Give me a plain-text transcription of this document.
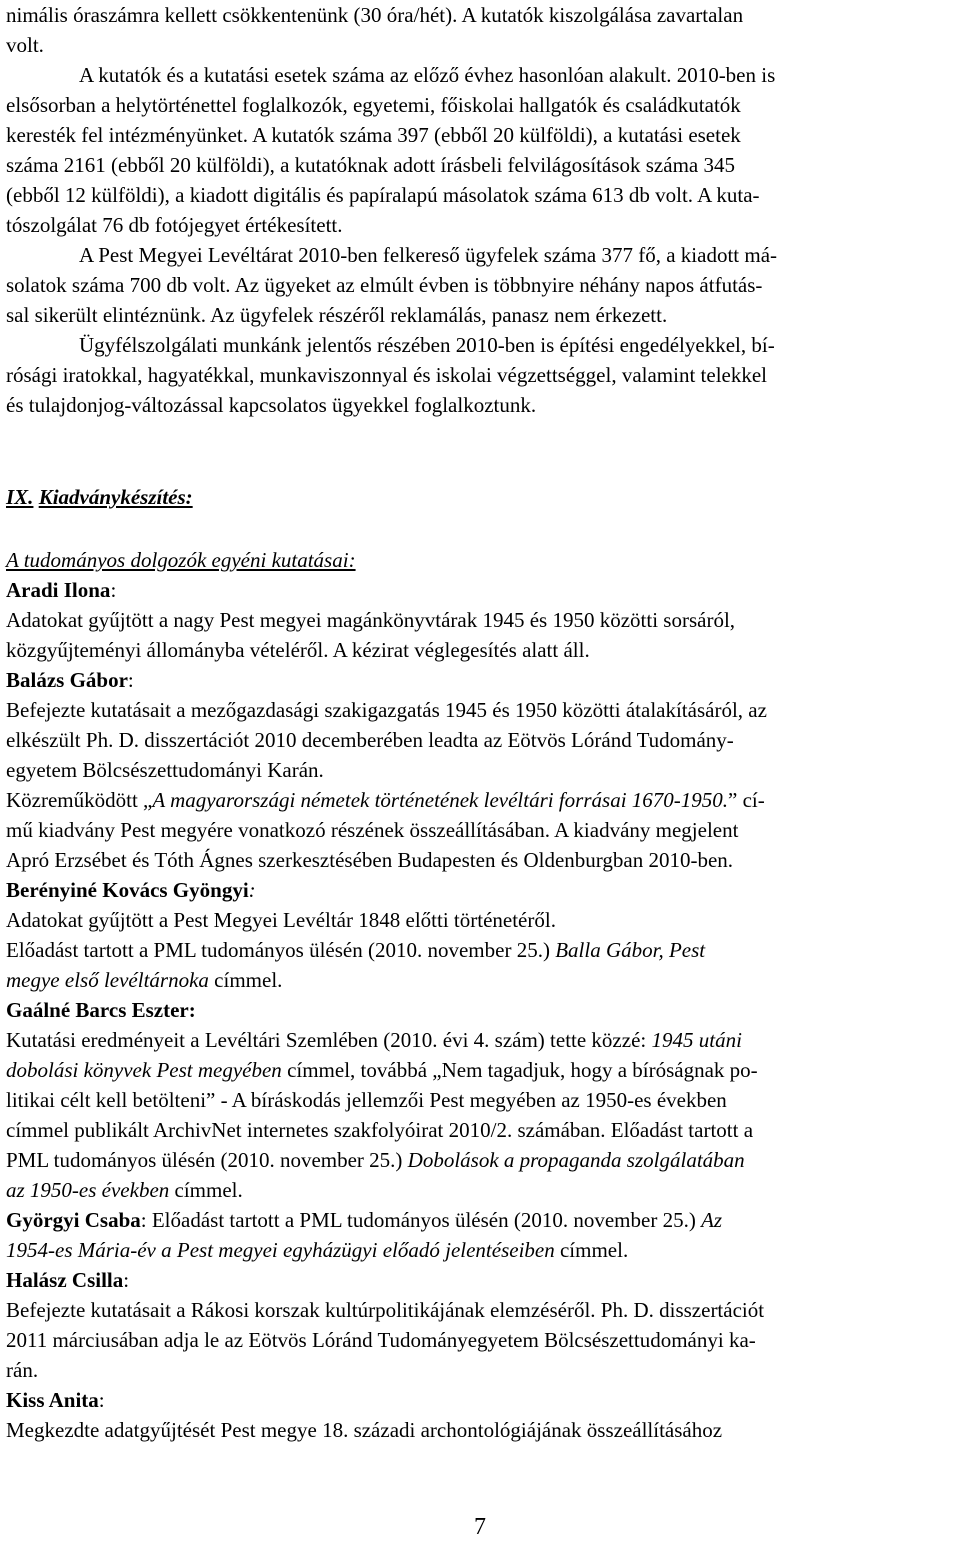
nimális óraszámra kellett csökkentenünk (30 óra/hét). A kutatók kiszolgálása zavartalan
volt.
A kutatók és a kutatási esetek száma az előző évhez hasonlóan alakult. 2010-ben is
elsősorban a helytörténettel foglalkozók, egyetemi, főiskolai hallgatók és családkutatók
keresték fel intézményünket. A kutatók száma 397 (ebből 20 külföldi), a kutatási esetek
száma 2161 (ebből 20 külföldi), a kutatóknak adott írásbeli felvilágosítások száma 345
(ebből 12 külföldi), a kiadott digitális és papíralapú másolatok száma 613 db volt. A kuta-
tószolgálat 76 db fotójegyet értékesített.
A Pest Megyei Levéltárat 2010-ben felkereső ügyfelek száma 377 fő, a kiadott má-
solatok száma 700 db volt. Az ügyeket az elmúlt évben is többnyire néhány napos átfutás-
sal sikerült elintéznünk. Az ügyfelek részéről reklamálás, panasz nem érkezett.
Ügyfélszolgálati munkánk jelentős részében 2010-ben is építési engedélyekkel, bí-
rósági iratokkal, hagyatékkal, munkaviszonnyal és iskolai végzettséggel, valamint telekkel
és tulajdonjog-változással kapcsolatos ügyekkel foglalkoztunk.
IX. Kiadványkészítés:
A tudományos dolgozók egyéni kutatásai:
Aradi Ilona:
Adatokat gyűjtött a nagy Pest megyei magánkönyvtárak 1945 és 1950 közötti sorsáról,
közgyűjteményi állományba vételéről. A kézirat véglegesítés alatt áll.
Balázs Gábor:
Befejezte kutatásait a mezőgazdasági szakigazgatás 1945 és 1950 közötti átalakításáról, az
elkészült Ph. D. disszertációt 2010 decemberében leadta az Eötvös Lóránd Tudomány-
egyetem Bölcsészettudományi Karán.
Közreműködött „A magyarországi németek történetének levéltári forrásai 1670-1950.” cí-
mű kiadvány Pest megyére vonatkozó részének összeállításában. A kiadvány megjelent
Apró Erzsébet és Tóth Ágnes szerkesztésében Budapesten és Oldenburgban 2010-ben.
Berényiné Kovács Gyöngyi:
Adatokat gyűjtött a Pest Megyei Levéltár 1848 előtti történetéről.
Előadást tartott a PML tudományos ülésén (2010. november 25.) Balla Gábor, Pest
megye első levéltárnoka címmel.
Gaálné Barcs Eszter:
Kutatási eredményeit a Levéltári Szemlében (2010. évi 4. szám) tette közzé: 1945 utáni
dobolási könyvek Pest megyében címmel, továbbá „Nem tagadjuk, hogy a bíróságnak po-
litikai célt kell betölteni” - A bíráskodás jellemzői Pest megyében az 1950-es években
címmel publikált ArchivNet internetes szakfolyóirat 2010/2. számában. Előadást tartott a
PML tudományos ülésén (2010. november 25.) Dobolások a propaganda szolgálatában
az 1950-es években címmel.
Györgyi Csaba: Előadást tartott a PML tudományos ülésén (2010. november 25.) Az
1954-es Mária-év a Pest megyei egyházügyi előadó jelentéseiben címmel.
Halász Csilla:
Befejezte kutatásait a Rákosi korszak kultúrpolitikájának elemzéséről. Ph. D. disszertációt
2011 márciusában adja le az Eötvös Lóránd Tudományegyetem Bölcsészettudományi ka-
rán.
Kiss Anita:
Megkezdte adatgyűjtését Pest megye 18. századi archontológiájának összeállításához
7
